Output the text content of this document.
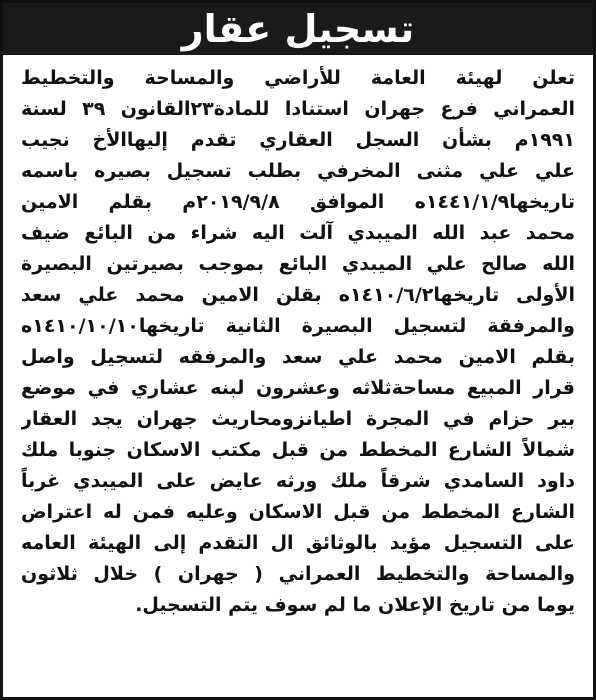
تسجيل عقار
تعلن لهيئة العامة للأراضي والمساحة والتخطيط
العمراني فرع جهران استنادا للمادة٢٣القانون ٣٩ لسنة
١٩٩١م بشأن السجل العقاري تقدم إليهاالأخ نجيب
علي علي مثنى المخرفي بطلب تسجيل بصيره باسمه
تاريخها١٤٤١/١/٩ه الموافق ٢٠١٩/٩/٨م بقلم الامين
محمد عبد الله الميبدي آلت اليه شراء من البائع ضيف
الله صالح علي الميبدي البائع بموجب بصيرتين البصيرة
الأولى تاريخها١٤١٠/٦/٢ه بقلن الامين محمد علي سعد
والمرفقة لتسجيل البصيرة الثانية تاريخها١٤١٠/١٠/١٠ه
بقلم الامين محمد علي سعد والمرفقه لتسجيل واصل
قرار المبيع مساحةثلاثه وعشرون لبنه عشاري في موضع
بير حزام في المجرة اطيانزومحاريث جهران يجد العقار
شمالاً الشارع المخطط من قبل مكتب الاسكان جنوبا ملك
داود السامدي شرقاً ملك ورثه عايض على الميبدي غرباً
الشارع المخطط من قبل الاسكان وعليه فمن له اعتراض
على التسجيل مؤيد بالوثائق ال التقدم إلى الهيئة العامه
والمساحة والتخطيط العمراني ( جهران ) خلال ثلاثون
يوما من تاريخ الإعلان ما لم سوف يتم التسجيل.
